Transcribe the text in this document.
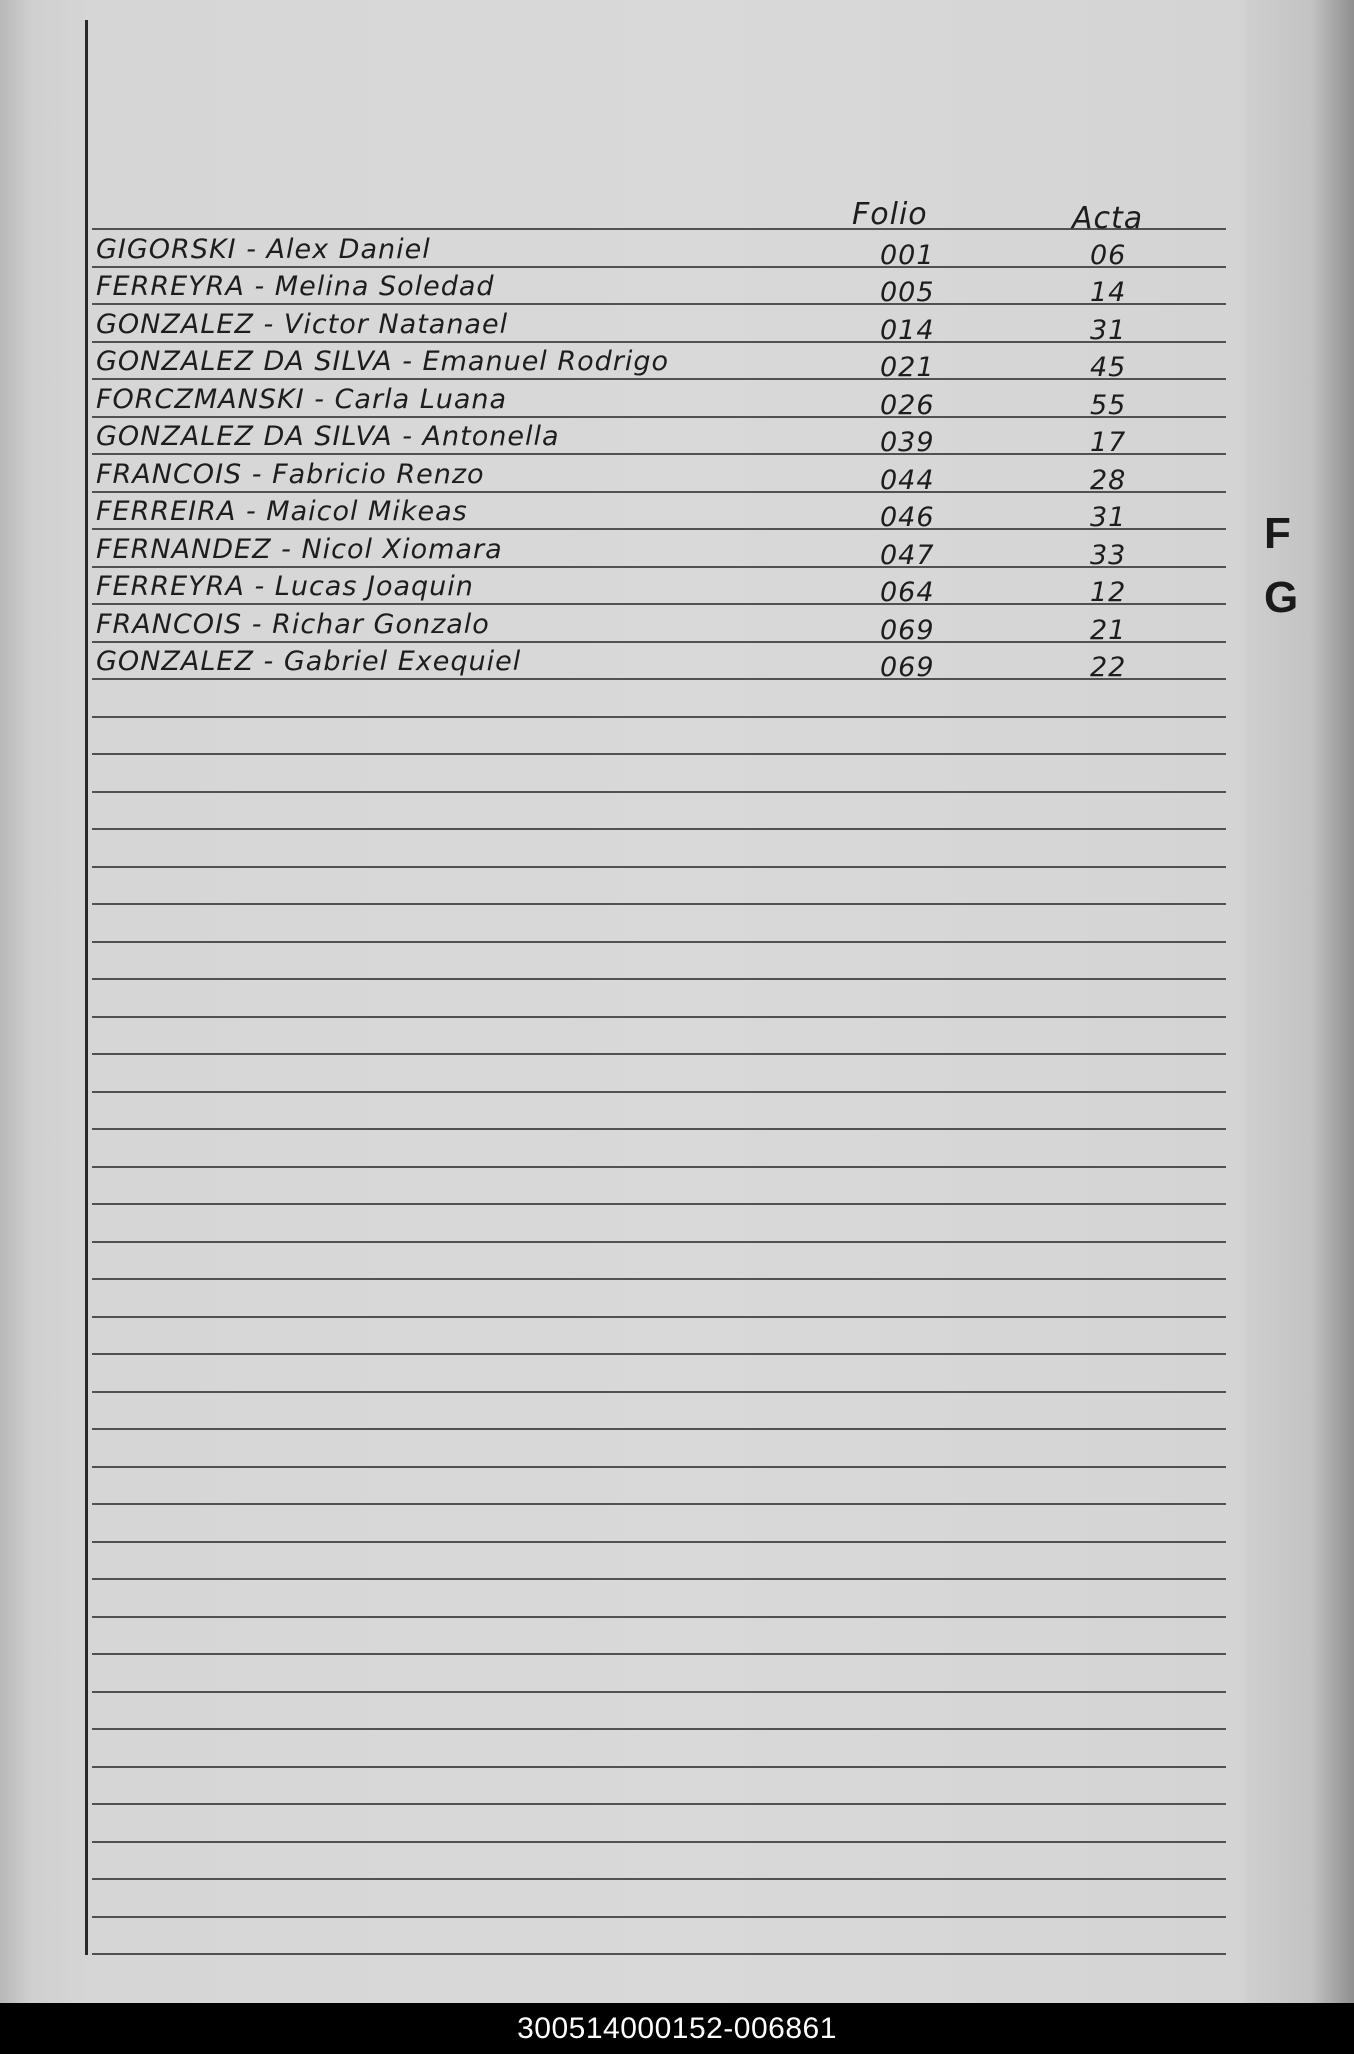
Folio	Acta
GIGORSKI - Alex Daniel	001	06
FERREYRA - Melina Soledad	005	14
GONZALEZ - Victor Natanael	014	31
GONZALEZ DA SILVA - Emanuel Rodrigo	021	45
FORCZMANSKI - Carla Luana	026	55
GONZALEZ DA SILVA - Antonella	039	17
FRANCOIS - Fabricio Renzo	044	28
FERREIRA - Maicol Mikeas	046	31
FERNANDEZ - Nicol Xiomara	047	33
FERREYRA - Lucas Joaquin	064	12
FRANCOIS - Richar Gonzalo	069	21
GONZALEZ - Gabriel Exequiel	069	22
F
G
300514000152-006861
